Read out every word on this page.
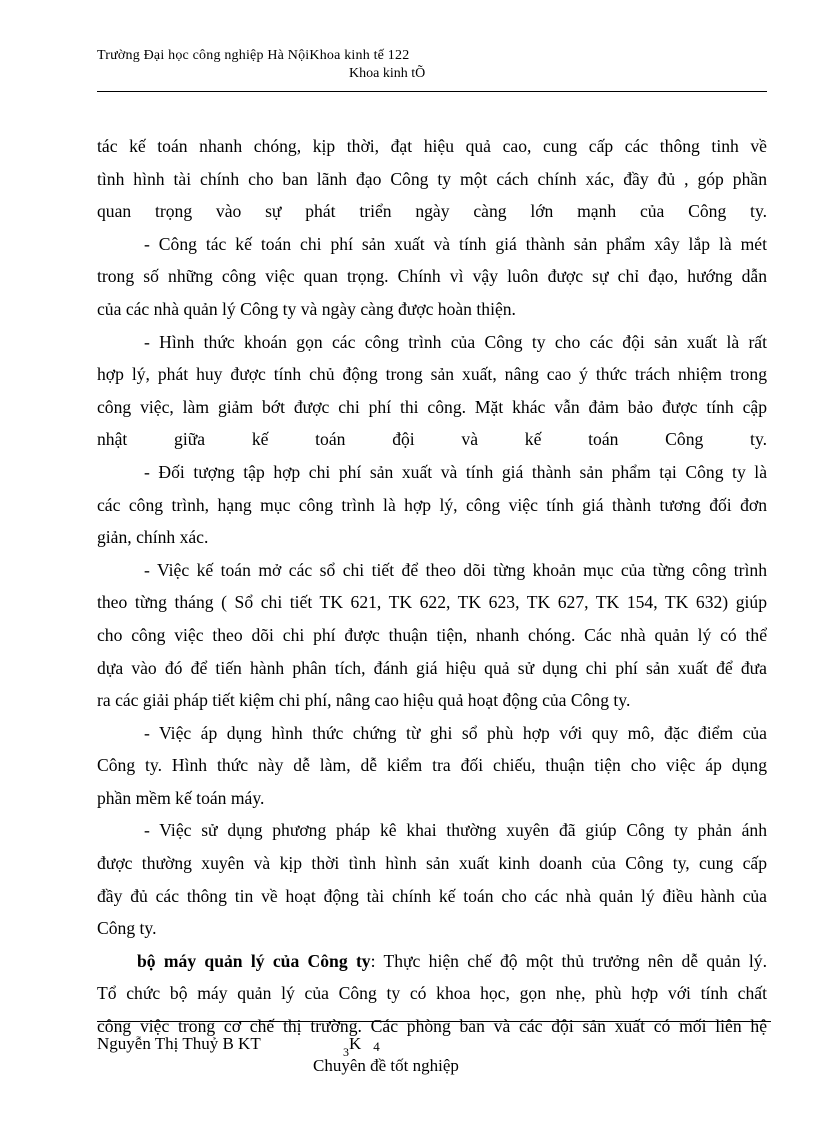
Trường Đại học công nghiệp Hà NộiKhoa kinh tế 122
Khoa kinh tÕ

tác kế toán nhanh chóng, kịp thời, đạt hiệu quả cao, cung cấp các thông tinh về
tình hình tài chính cho ban lãnh đạo Công ty một cách chính xác, đầy đủ , góp phần
quan trọng vào sự phát triển ngày càng lớn mạnh của Công ty.

- Công tác kế toán chi phí sản xuất và tính giá thành sản phẩm xây lắp là mét
trong số những công việc quan trọng. Chính vì vậy luôn được sự chỉ đạo, hướng dẫn
của các nhà quản lý Công ty và ngày càng được hoàn thiện.

- Hình thức khoán gọn các công trình của Công ty cho các đội sản xuất là rất
hợp lý, phát huy được tính chủ động trong sản xuất, nâng cao ý thức trách nhiệm trong
công việc, làm giảm bớt được chi phí thi công. Mặt khác vẫn đảm bảo được tính cập
nhật giữa kế toán đội và kế toán Công ty.

- Đối tượng tập hợp chi phí sản xuất và tính giá thành sản phẩm tại Công ty là
các công trình, hạng mục công trình là hợp lý, công việc tính giá thành tương đối đơn
giản, chính xác.

- Việc kế toán mở các sổ chi tiết để theo dõi từng khoản mục của từng công trình
theo từng tháng ( Sổ chi tiết TK 621, TK 622, TK 623, TK 627, TK 154, TK 632) giúp
cho công việc theo dõi chi phí được thuận tiện, nhanh chóng. Các nhà quản lý có thể
dựa vào đó để tiến hành phân tích, đánh giá hiệu quả sử dụng chi phí sản xuất để đưa
ra các giải pháp tiết kiệm chi phí, nâng cao hiệu quả hoạt động của Công ty.

- Việc áp dụng hình thức chứng từ ghi sổ phù hợp với quy mô, đặc điểm của
Công ty. Hình thức này dễ làm, dễ kiểm tra đối chiếu, thuận tiện cho việc áp dụng
phần mềm kế toán máy.

- Việc sử dụng phương pháp kê khai thường xuyên đã giúp Công ty phản ánh
được thường xuyên và kịp thời tình hình sản xuất kinh doanh của Công ty, cung cấp
đầy đủ các thông tin về hoạt động tài chính kế toán cho các nhà quản lý điều hành của
Công ty.

bộ máy quản lý của Công ty: Thực hiện chế độ một thủ trưởng nên dễ quản lý.
Tổ chức bộ máy quản lý của Công ty có khoa học, gọn nhẹ, phù hợp với tính chất
công việc trong cơ chế thị trường. Các phòng ban và các đội sản xuất có mối liên hệ

Nguyễn Thị Thuỷ B KT	$_3$K 4
Chuyên đề tốt nghiệp
